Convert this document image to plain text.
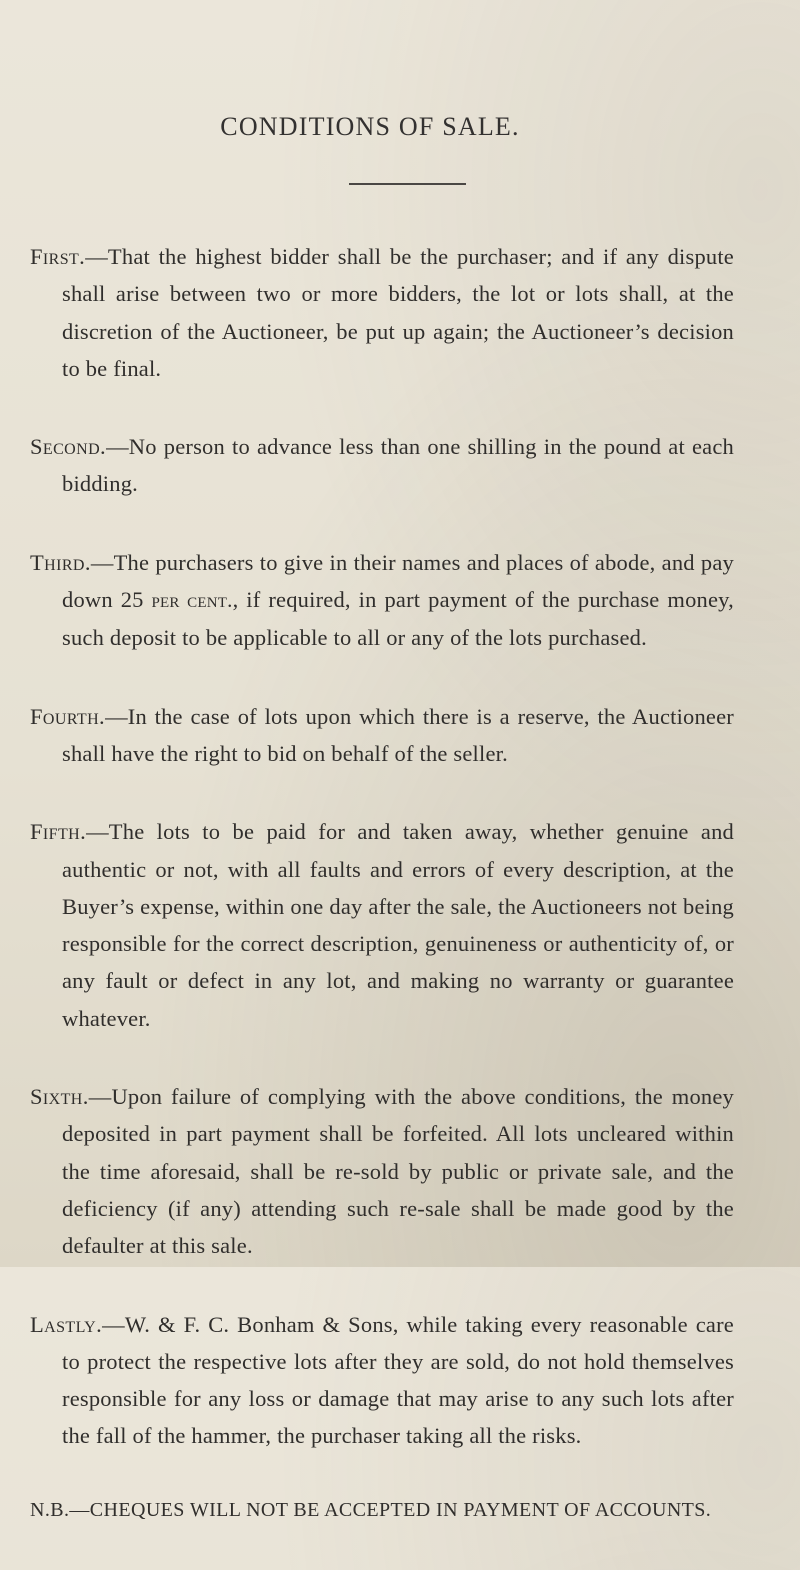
CONDITIONS OF SALE.

First.—That the highest bidder shall be the purchaser; and if any dispute shall arise between two or more bidders, the lot or lots shall, at the discretion of the Auctioneer, be put up again; the Auctioneer’s decision to be final.

Second.—No person to advance less than one shilling in the pound at each bidding.

Third.—The purchasers to give in their names and places of abode, and pay down 25 per cent., if required, in part payment of the purchase money, such deposit to be applicable to all or any of the lots purchased.

Fourth.—In the case of lots upon which there is a reserve, the Auctioneer shall have the right to bid on behalf of the seller.

Fifth.—The lots to be paid for and taken away, whether genuine and authentic or not, with all faults and errors of every description, at the Buyer’s expense, within one day after the sale, the Auctioneers not being responsible for the correct description, genuineness or authenticity of, or any fault or defect in any lot, and making no warranty or guarantee whatever.

Sixth.—Upon failure of complying with the above conditions, the money deposited in part payment shall be forfeited. All lots uncleared within the time aforesaid, shall be re-sold by public or private sale, and the deficiency (if any) attending such re-sale shall be made good by the defaulter at this sale.

Lastly.—W. & F. C. Bonham & Sons, while taking every reasonable care to protect the respective lots after they are sold, do not hold themselves responsible for any loss or damage that may arise to any such lots after the fall of the hammer, the purchaser taking all the risks.

N.B.—CHEQUES WILL NOT BE ACCEPTED IN PAYMENT OF ACCOUNTS.
